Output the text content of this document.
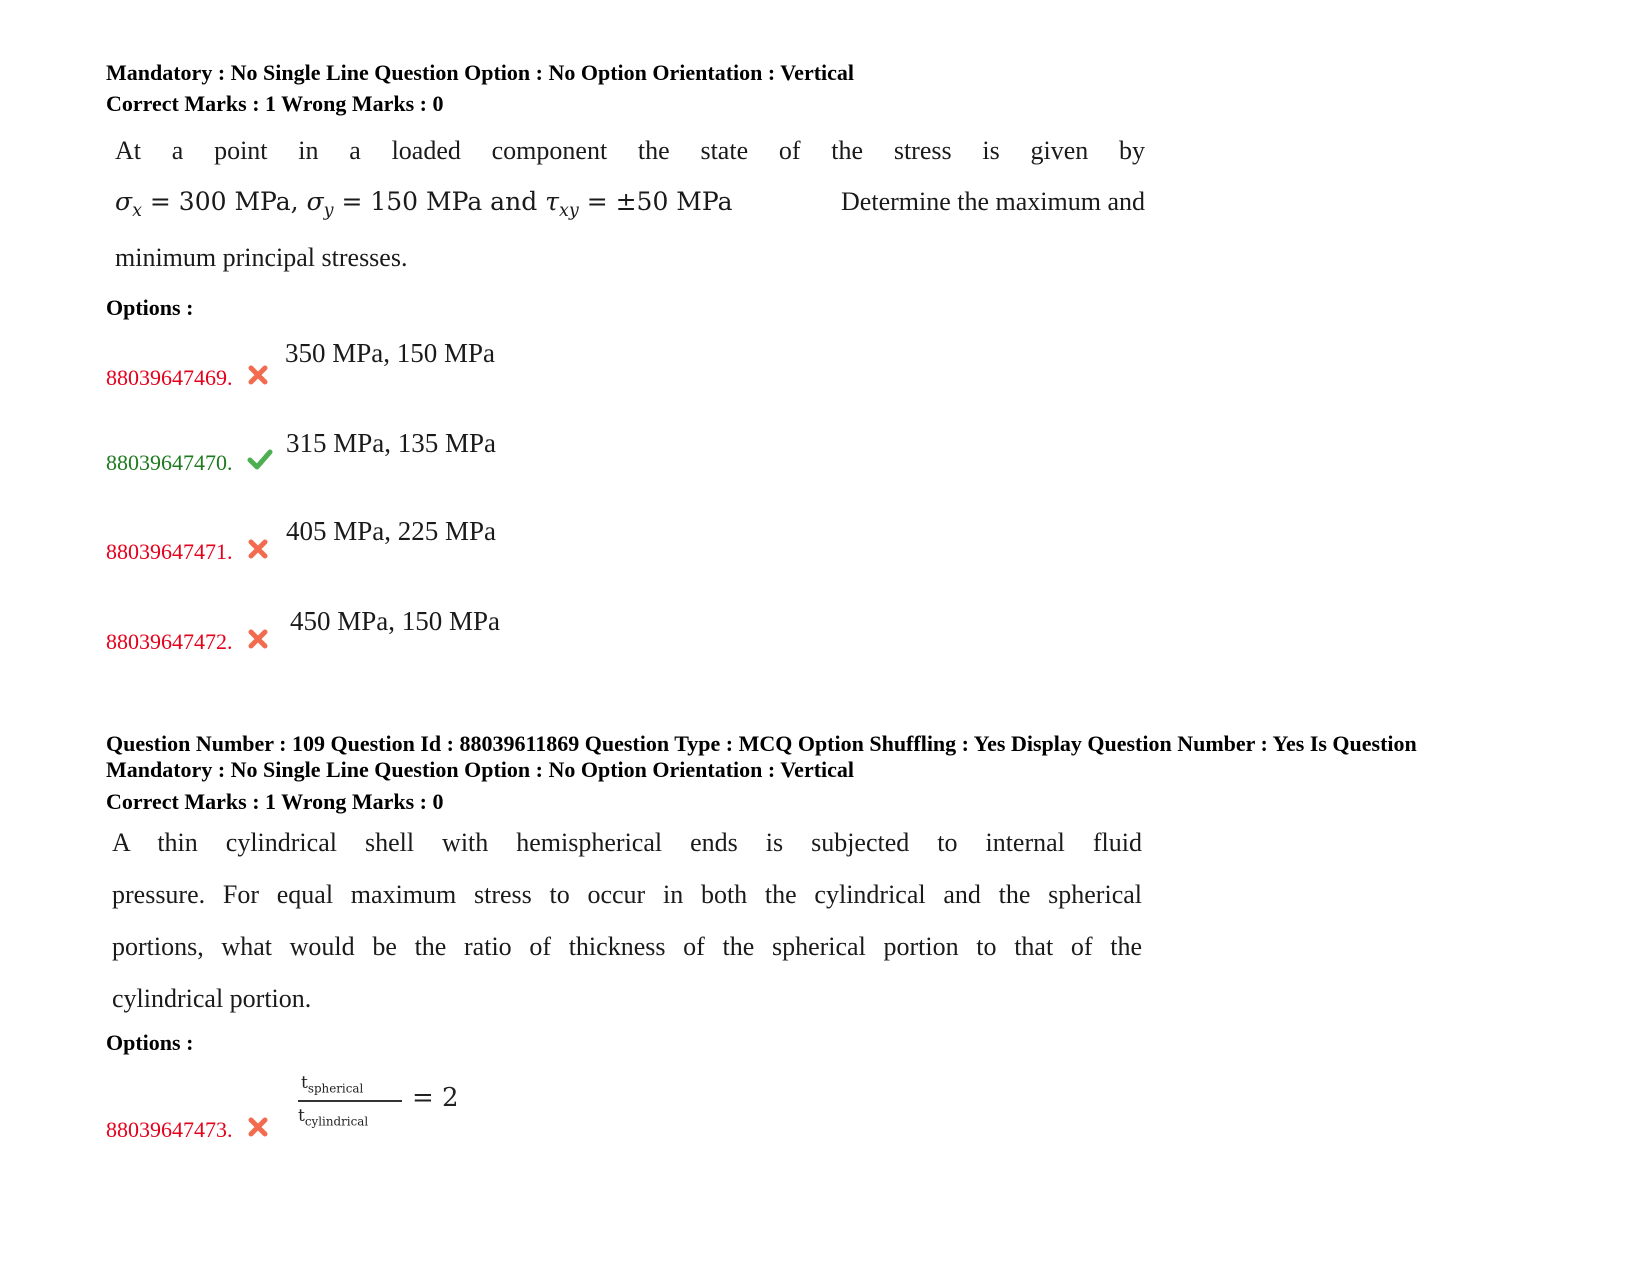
Mandatory : No Single Line Question Option : No Option Orientation : Vertical
Correct Marks : 1 Wrong Marks : 0
At a point in a loaded component the state of the stress is given by
$\sigma_x = 300$ MPa, $\sigma_y = 150$ MPa and $\tau_{xy} = \pm 50$ MPa	Determine the maximum and
minimum principal stresses.
Options :
350 MPa, 150 MPa
88039647469.
315 MPa, 135 MPa
88039647470.
405 MPa, 225 MPa
88039647471.
450 MPa, 150 MPa
88039647472.
Question Number : 109 Question Id : 88039611869 Question Type : MCQ Option Shuffling : Yes Display Question Number : Yes Is Question
Mandatory : No Single Line Question Option : No Option Orientation : Vertical
Correct Marks : 1 Wrong Marks : 0
A thin cylindrical shell with hemispherical ends is subjected to internal fluid
pressure. For equal maximum stress to occur in both the cylindrical and the spherical
portions, what would be the ratio of thickness of the spherical portion to that of the
cylindrical portion.
Options :
$t_{spherical}$
$t_{cylindrical}$
= 2
88039647473.
